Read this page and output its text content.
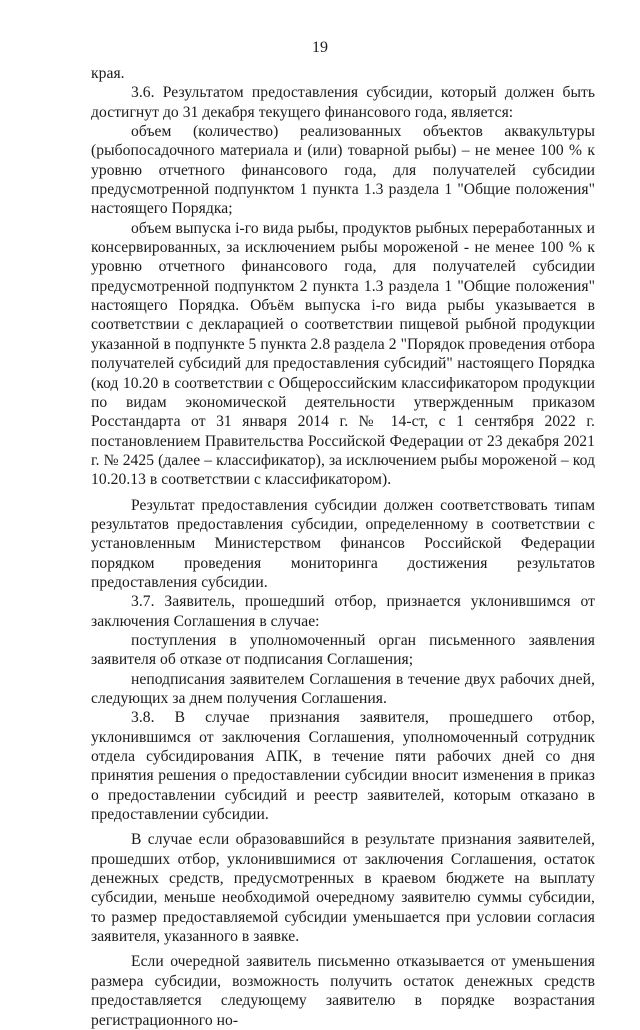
19

края.

3.6. Результатом предоставления субсидии, который должен быть достигнут до 31 декабря текущего финансового года, является:

объем (количество) реализованных объектов аквакультуры (рыбопосадочного материала и (или) товарной рыбы) – не менее 100 % к уровню отчетного финансового года, для получателей субсидии предусмотренной подпунктом 1 пункта 1.3 раздела 1 "Общие положения" настоящего Порядка;

объем выпуска i-го вида рыбы, продуктов рыбных переработанных и консервированных, за исключением рыбы мороженой - не менее 100 % к уровню отчетного финансового года, для получателей субсидии предусмотренной подпунктом 2 пункта 1.3 раздела 1 "Общие положения" настоящего Порядка. Объём выпуска i-го вида рыбы указывается в соответствии с декларацией о соответствии пищевой рыбной продукции указанной в подпункте 5 пункта 2.8 раздела 2 "Порядок проведения отбора получателей субсидий для предоставления субсидий" настоящего Порядка (код 10.20 в соответствии с Общероссийским классификатором продукции по видам экономической деятельности утвержденным приказом Росстандарта от 31 января 2014 г. № 14-ст, с 1 сентября 2022 г. постановлением Правительства Российской Федерации от 23 декабря 2021 г. № 2425 (далее – классификатор), за исключением рыбы мороженой – код 10.20.13 в соответствии с классификатором).

Результат предоставления субсидии должен соответствовать типам результатов предоставления субсидии, определенному в соответствии с установленным Министерством финансов Российской Федерации порядком проведения мониторинга достижения результатов предоставления субсидии.

3.7. Заявитель, прошедший отбор, признается уклонившимся от заключения Соглашения в случае:

поступления в уполномоченный орган письменного заявления заявителя об отказе от подписания Соглашения;

неподписания заявителем Соглашения в течение двух рабочих дней, следующих за днем получения Соглашения.

3.8. В случае признания заявителя, прошедшего отбор, уклонившимся от заключения Соглашения, уполномоченный сотрудник отдела субсидирования АПК, в течение пяти рабочих дней со дня принятия решения о предоставлении субсидии вносит изменения в приказ о предоставлении субсидий и реестр заявителей, которым отказано в предоставлении субсидии.

В случае если образовавшийся в результате признания заявителей, прошедших отбор, уклонившимися от заключения Соглашения, остаток денежных средств, предусмотренных в краевом бюджете на выплату субсидии, меньше необходимой очередному заявителю суммы субсидии, то размер предоставляемой субсидии уменьшается при условии согласия заявителя, указанного в заявке.

Если очередной заявитель письменно отказывается от уменьшения размера субсидии, возможность получить остаток денежных средств предоставляется следующему заявителю в порядке возрастания регистрационного но-
